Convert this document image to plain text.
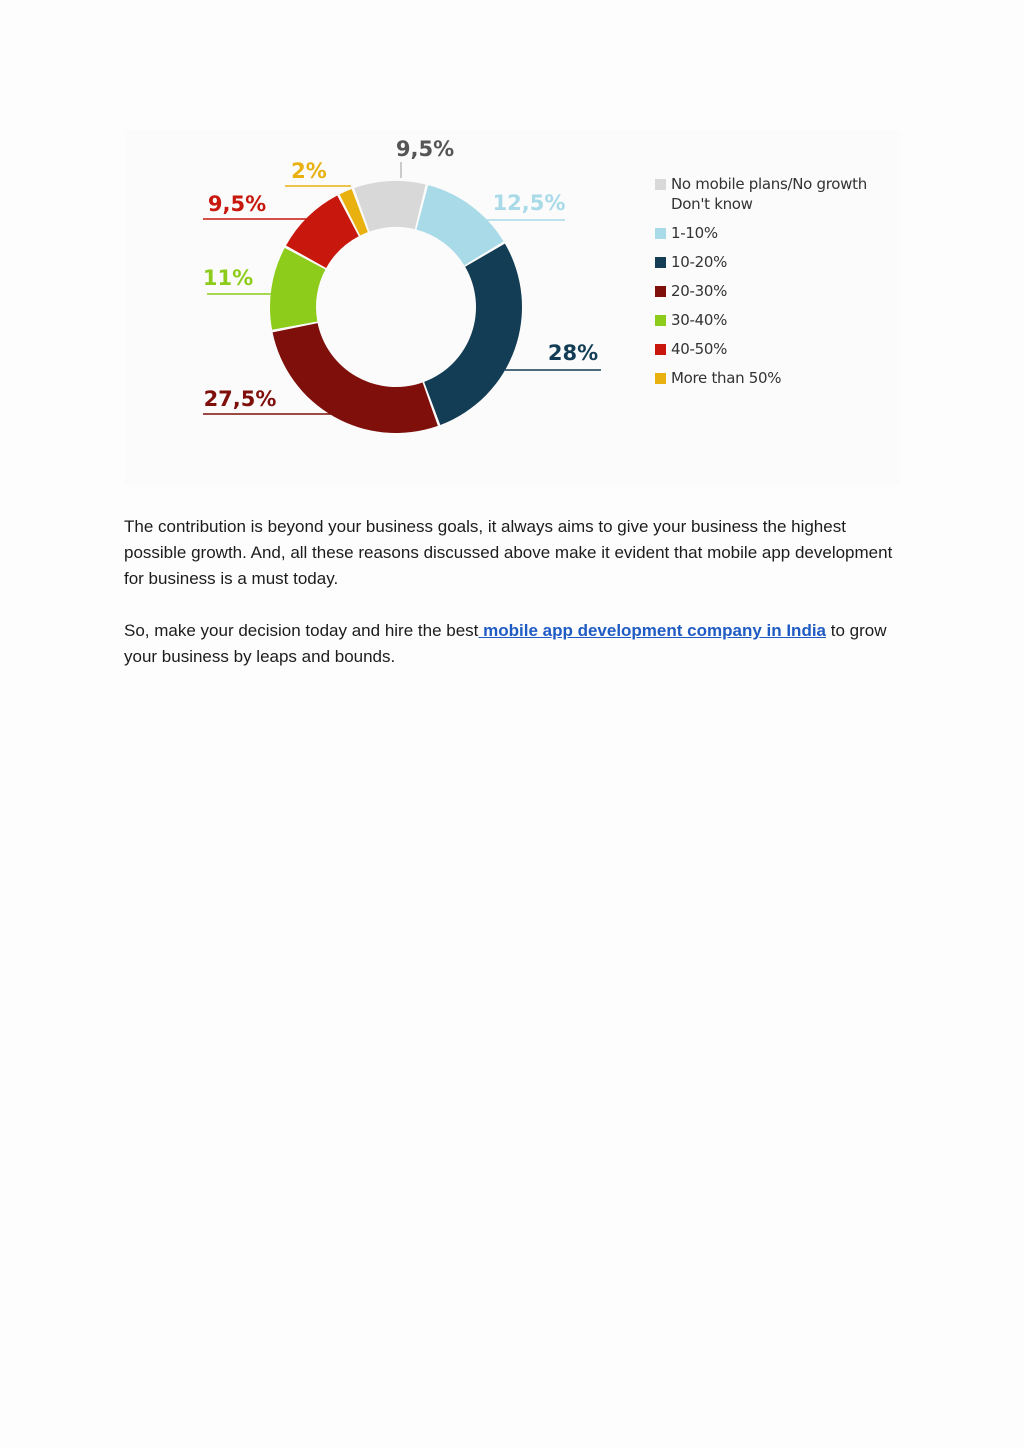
9,5%
12,5%
28%
27,5%
11%
9,5%
2%
No mobile plans/No growth
Don't know
1-10%
10-20%
20-30%
30-40%
40-50%
More than 50%

The contribution is beyond your business goals, it always aims to give your business the highest possible growth. And, all these reasons discussed above make it evident that mobile app development for business is a must today.

So, make your decision today and hire the best mobile app development company in India to grow your business by leaps and bounds.
